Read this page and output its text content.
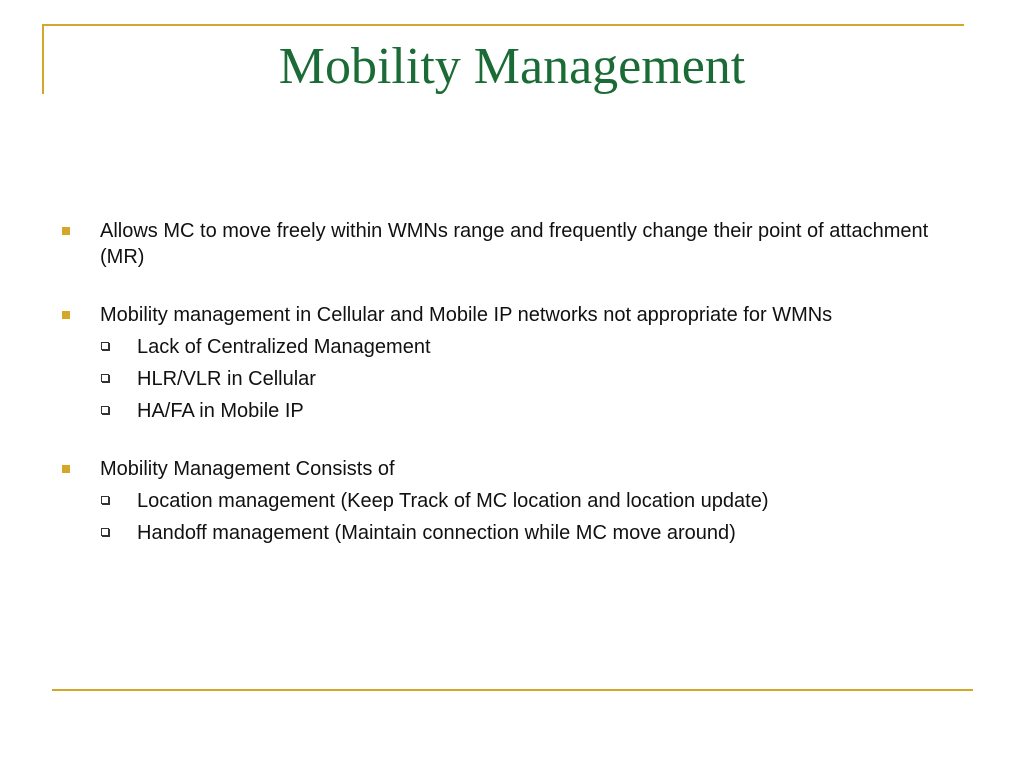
Mobility Management
Allows MC to move freely within WMNs range and frequently change their point of attachment (MR)
Mobility management in Cellular and Mobile IP networks not appropriate for WMNs
Lack of Centralized Management
HLR/VLR in Cellular
HA/FA in Mobile IP
Mobility Management Consists of
Location management (Keep Track of MC location and location update)
Handoff management (Maintain connection while MC move around)
